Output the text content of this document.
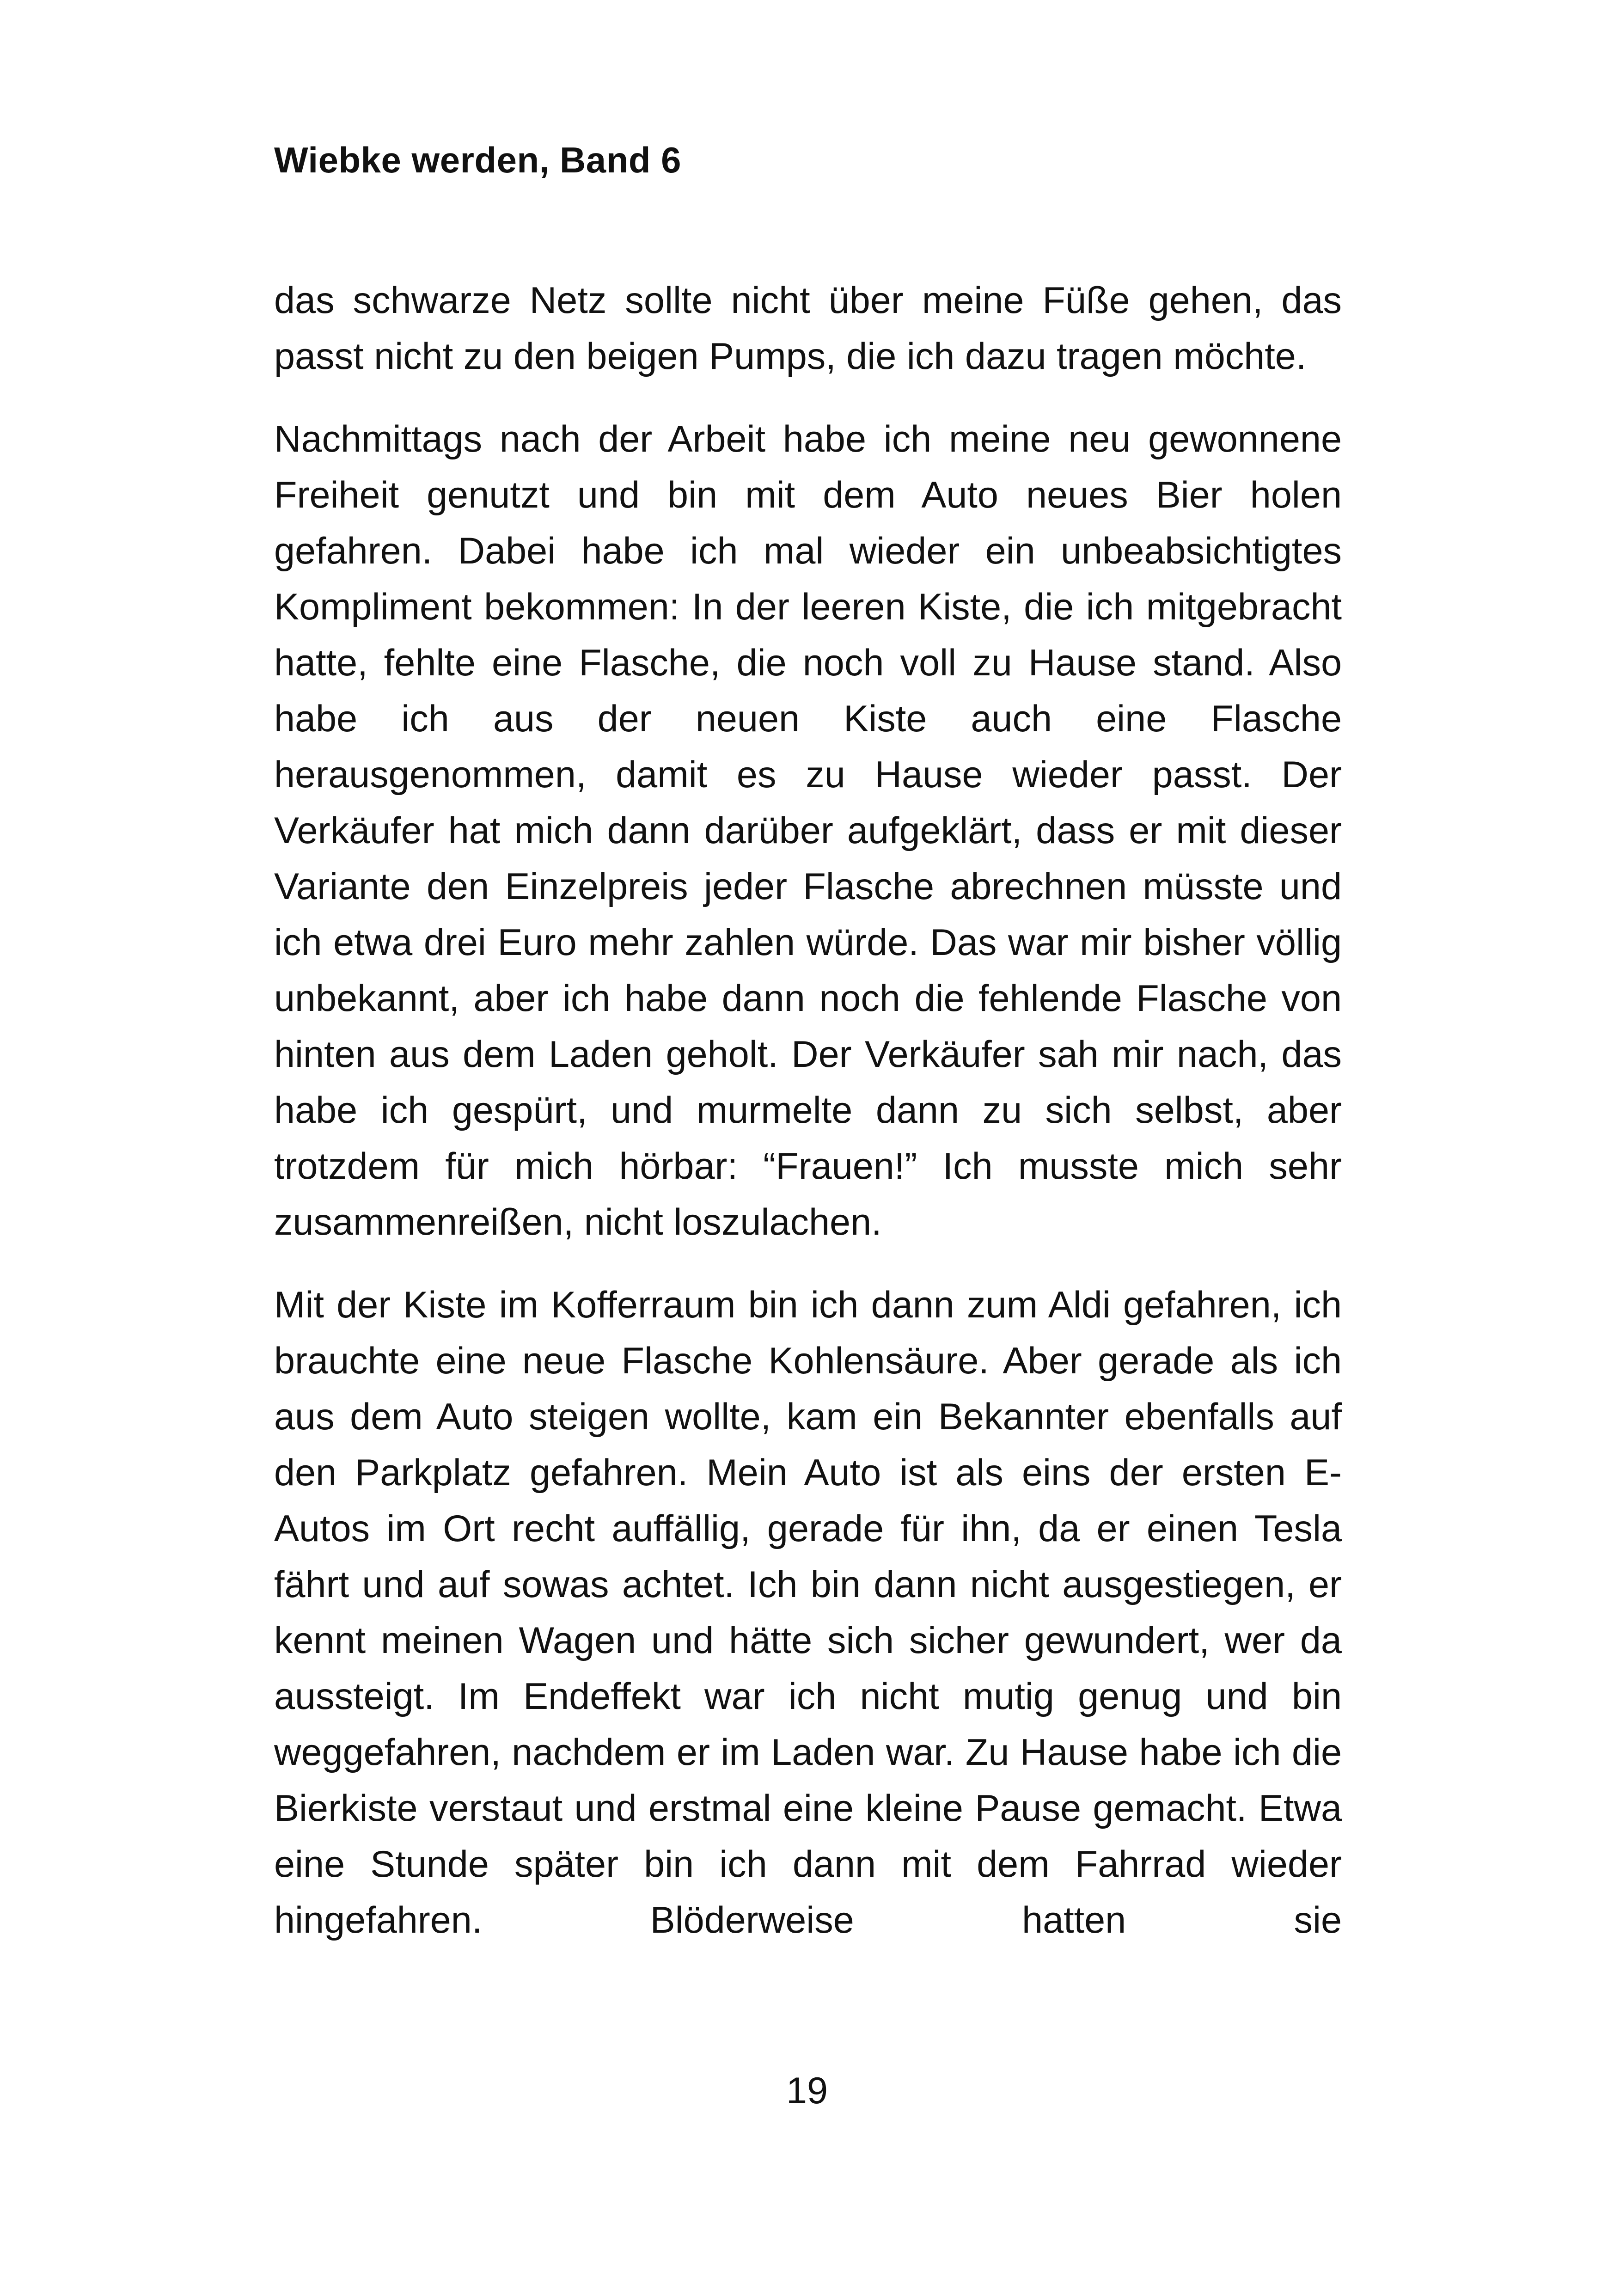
Wiebke werden, Band 6

das schwarze Netz sollte nicht über meine Füße gehen, das passt nicht zu den beigen Pumps, die ich dazu tragen möchte.

Nachmittags nach der Arbeit habe ich meine neu gewonnene Freiheit genutzt und bin mit dem Auto neues Bier holen gefahren. Dabei habe ich mal wieder ein unbeabsichtigtes Kompliment bekommen: In der leeren Kiste, die ich mitgebracht hatte, fehlte eine Flasche, die noch voll zu Hause stand. Also habe ich aus der neuen Kiste auch eine Flasche herausgenommen, damit es zu Hause wieder passt. Der Verkäufer hat mich dann darüber aufgeklärt, dass er mit dieser Variante den Einzelpreis jeder Flasche abrechnen müsste und ich etwa drei Euro mehr zahlen würde. Das war mir bisher völlig unbekannt, aber ich habe dann noch die fehlende Flasche von hinten aus dem Laden geholt. Der Verkäufer sah mir nach, das habe ich gespürt, und murmelte dann zu sich selbst, aber trotzdem für mich hörbar: “Frauen!” Ich musste mich sehr zusammenreißen, nicht loszulachen.

Mit der Kiste im Kofferraum bin ich dann zum Aldi gefahren, ich brauchte eine neue Flasche Kohlensäure. Aber gerade als ich aus dem Auto steigen wollte, kam ein Bekannter ebenfalls auf den Parkplatz gefahren. Mein Auto ist als eins der ersten E- Autos im Ort recht auffällig, gerade für ihn, da er einen Tesla fährt und auf sowas achtet. Ich bin dann nicht ausgestiegen, er kennt meinen Wagen und hätte sich sicher gewundert, wer da aussteigt. Im Endeffekt war ich nicht mutig genug und bin weggefahren, nachdem er im Laden war. Zu Hause habe ich die Bierkiste verstaut und erstmal eine kleine Pause gemacht. Etwa eine Stunde später bin ich dann mit dem Fahrrad wieder hingefahren. Blöderweise hatten sie

19
